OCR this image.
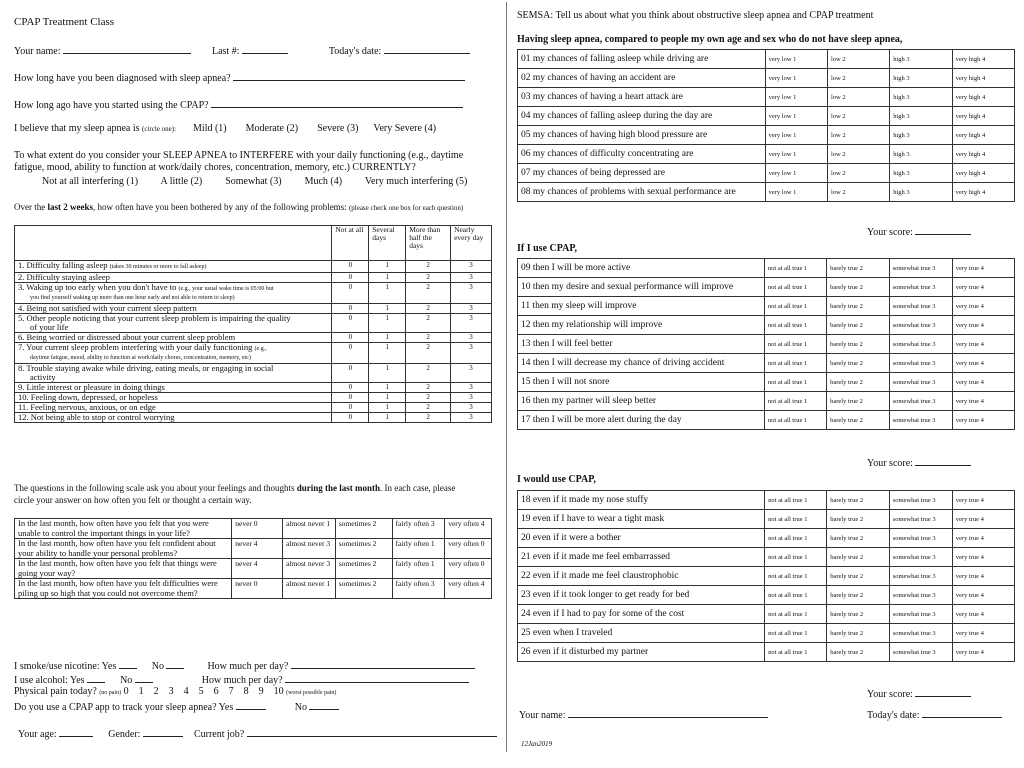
CPAP Treatment Class
Your name:	Last #:	Today's date:
How long have you been diagnosed with sleep apnea?
How long ago have you started using the CPAP?
I believe that my sleep apnea is (circle one): Mild (1) Moderate (2) Severe (3) Very Severe (4)
To what extent do you consider your SLEEP APNEA to INTERFERE with your daily functioning (e.g., daytime
fatigue, mood, ability to function at work/daily chores, concentration, memory, etc.) CURRENTLY?
Not at all interfering (1) A little (2) Somewhat (3) Much (4) Very much interfering (5)
Over the last 2 weeks, how often have you been bothered by any of the following problems: (please check one box for each question)
	Not at all	Several days	More than half the days	Nearly every day
1. Difficulty falling asleep (takes 30 minutes or more to fall asleep)	0	1	2	3
2. Difficulty staying asleep	0	1	2	3
3. Waking up too early when you don't have to (e.g., your usual wake time is 05:00 but
you find yourself waking up more than one hour early and not able to return to sleep)	0	1	2	3
4. Being not satisfied with your current sleep pattern	0	1	2	3
5. Other people noticing that your current sleep problem is impairing the quality
of your life	0	1	2	3
6. Being worried or distressed about your current sleep problem	0	1	2	3
7. Your current sleep problem interfering with your daily functioning (e.g.,
daytime fatigue, mood, ability to function at work/daily chores, concentration, memory, etc)	0	1	2	3
8. Trouble staying awake while driving, eating meals, or engaging in social
activity	0	1	2	3
9. Little interest or pleasure in doing things	0	1	2	3
10. Feeling down, depressed, or hopeless	0	1	2	3
11. Feeling nervous, anxious, or on edge	0	1	2	3
12. Not being able to stop or control worrying	0	1	2	3
The questions in the following scale ask you about your feelings and thoughts during the last month. In each case, please
circle your answer on how often you felt or thought a certain way.
In the last month, how often have you felt that you were unable to control the important things in your life?	never 0	almost never 1	sometimes 2	fairly often 3	very often 4
In the last month, how often have you felt confident about your ability to handle your personal problems?	never 4	almost never 3	sometimes 2	fairly often 1	very often 0
In the last month, how often have you felt that things were going your way?	never 4	almost never 3	sometimes 2	fairly often 1	very often 0
In the last month, how often have you felt difficulties were piling up so high that you could not overcome them?	never 0	almost never 1	sometimes 2	fairly often 3	very often 4
I smoke/use nicotine: Yes	No	How much per day?
I use alcohol: Yes	No	How much per day?
Physical pain today? (no pain) 0    1    2    3    4    5    6    7    8    9    10 (worst possible pain)
Do you use a CPAP app to track your sleep apnea? Yes	No
Your age:	Gender:	Current job?
SEMSA: Tell us about what you think about obstructive sleep apnea and CPAP treatment
Having sleep apnea, compared to people my own age and sex who do not have sleep apnea,
01 my chances of falling asleep while driving are	very low 1	low 2	high 3	very high 4
02 my chances of having an accident are	very low 1	low 2	high 3	very high 4
03 my chances of having a heart attack are	very low 1	low 2	high 3	very high 4
04 my chances of falling asleep during the day are	very low 1	low 2	high 3	very high 4
05 my chances of having high blood pressure are	very low 1	low 2	high 3	very high 4
06 my chances of difficulty concentrating are	very low 1	low 2	high 3	very high 4
07 my chances of being depressed are	very low 1	low 2	high 3	very high 4
08 my chances of problems with sexual performance are	very low 1	low 2	high 3	very high 4
Your score:
If I use CPAP,
09 then I will be more active	not at all true 1	barely true 2	somewhat true 3	very true 4
10 then my desire and sexual performance will improve	not at all true 1	barely true 2	somewhat true 3	very true 4
11 then my sleep will improve	not at all true 1	barely true 2	somewhat true 3	very true 4
12 then my relationship will improve	not at all true 1	barely true 2	somewhat true 3	very true 4
13 then I will feel better	not at all true 1	barely true 2	somewhat true 3	very true 4
14 then I will decrease my chance of driving accident	not at all true 1	barely true 2	somewhat true 3	very true 4
15 then I will not snore	not at all true 1	barely true 2	somewhat true 3	very true 4
16 then my partner will sleep better	not at all true 1	barely true 2	somewhat true 3	very true 4
17 then I will be more alert during the day	not at all true 1	barely true 2	somewhat true 3	very true 4
Your score:
I would use CPAP,
18 even if it made my nose stuffy	not at all true 1	barely true 2	somewhat true 3	very true 4
19 even if I have to wear a tight mask	not at all true 1	barely true 2	somewhat true 3	very true 4
20 even if it were a bother	not at all true 1	barely true 2	somewhat true 3	very true 4
21 even if it made me feel embarrassed	not at all true 1	barely true 2	somewhat true 3	very true 4
22 even if it made me feel claustrophobic	not at all true 1	barely true 2	somewhat true 3	very true 4
23 even if it took longer to get ready for bed	not at all true 1	barely true 2	somewhat true 3	very true 4
24 even if I had to pay for some of the cost	not at all true 1	barely true 2	somewhat true 3	very true 4
25 even when I traveled	not at all true 1	barely true 2	somewhat true 3	very true 4
26 even if it disturbed my partner	not at all true 1	barely true 2	somewhat true 3	very true 4
Your score:
Your name:	Today's date:
12Jan2019
